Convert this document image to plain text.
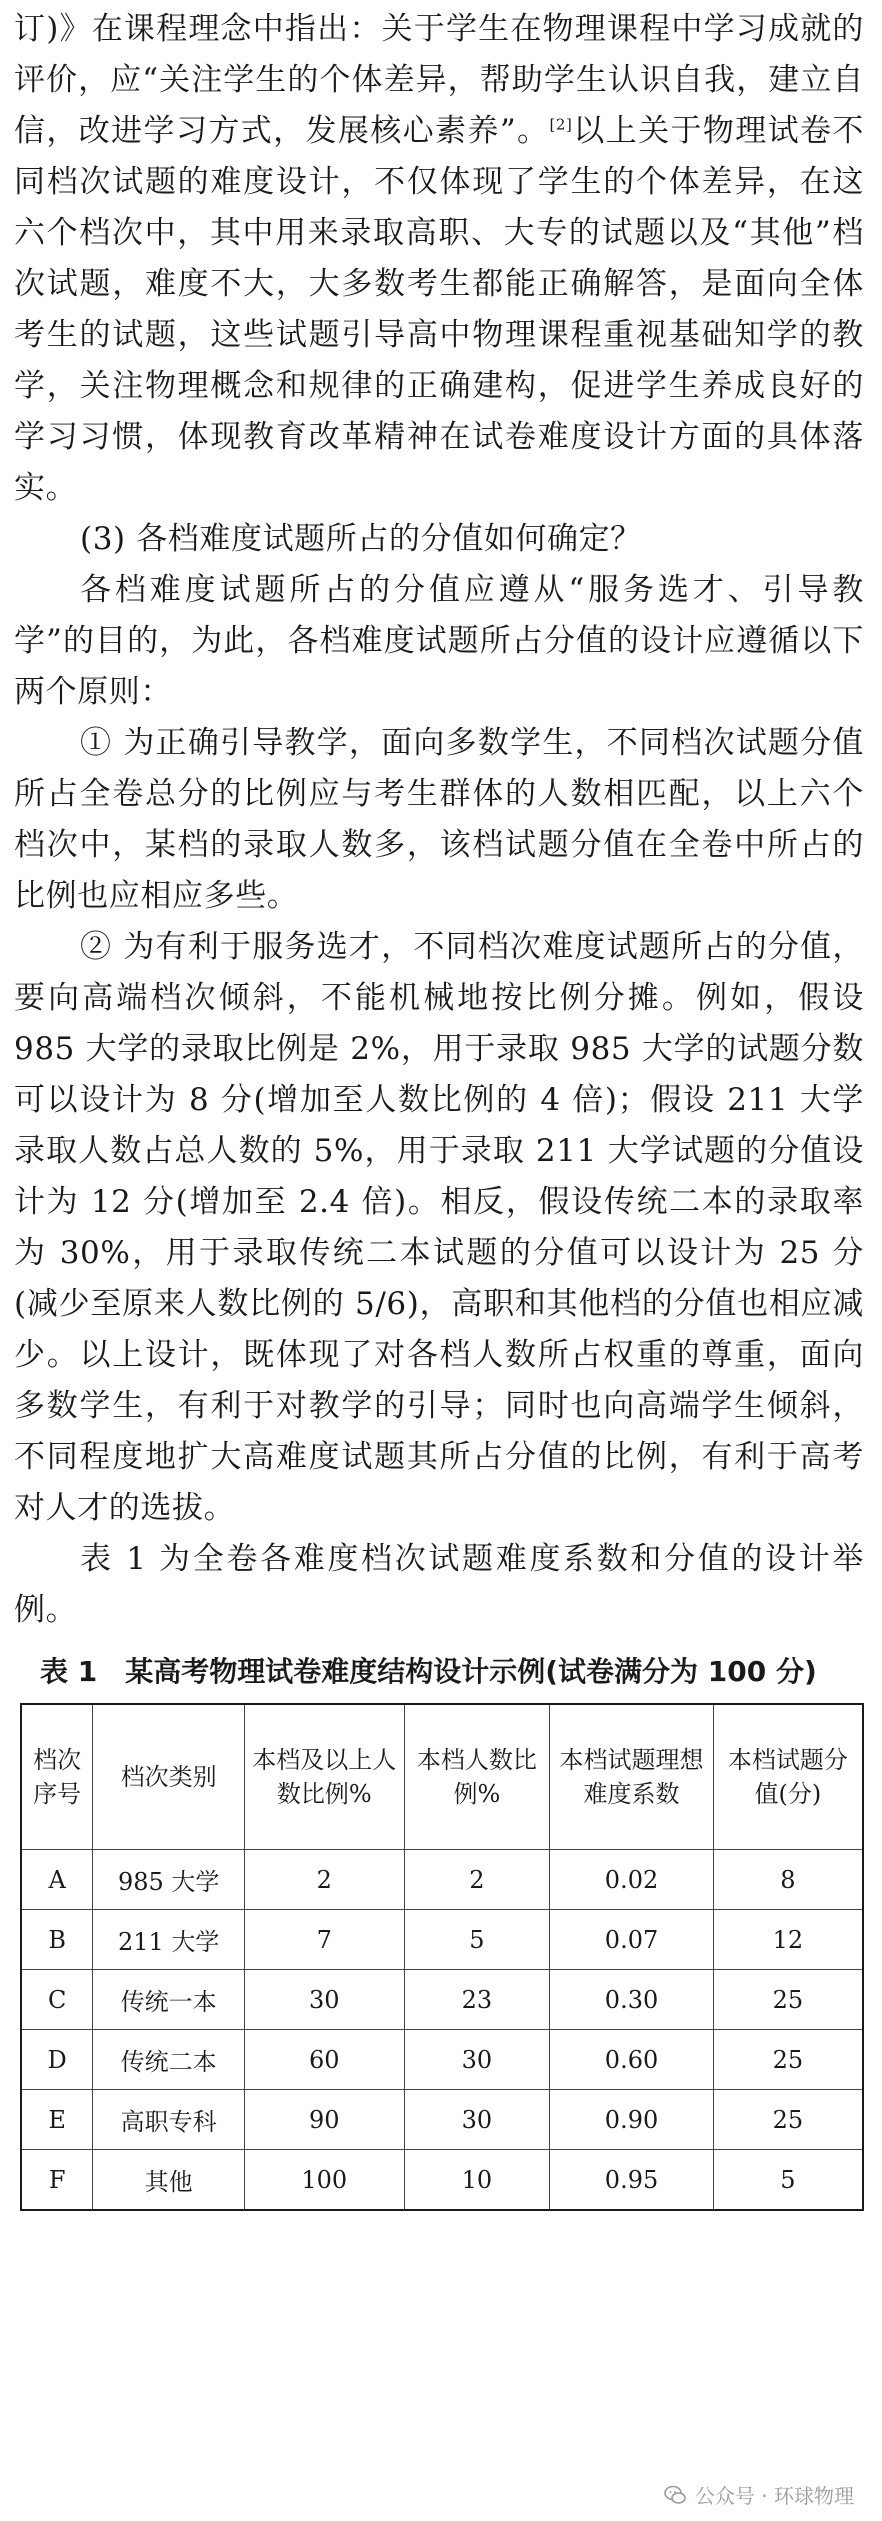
订)》在课程理念中指出：关于学生在物理课程中学习成就的评价，应“关注学生的个体差异，帮助学生认识自我，建立自信，改进学习方式，发展核心素养”。[2]以上关于物理试卷不同档次试题的难度设计，不仅体现了学生的个体差异，在这六个档次中，其中用来录取高职、大专的试题以及“其他”档次试题，难度不大，大多数考生都能正确解答，是面向全体考生的试题，这些试题引导高中物理课程重视基础知学的教学，关注物理概念和规律的正确建构，促进学生养成良好的学习习惯，体现教育改革精神在试卷难度设计方面的具体落实。

(3) 各档难度试题所占的分值如何确定？

各档难度试题所占的分值应遵从“服务选才、引导教学”的目的，为此，各档难度试题所占分值的设计应遵循以下两个原则：

① 为正确引导教学，面向多数学生，不同档次试题分值所占全卷总分的比例应与考生群体的人数相匹配，以上六个档次中，某档的录取人数多，该档试题分值在全卷中所占的比例也应相应多些。

② 为有利于服务选才，不同档次难度试题所占的分值，要向高端档次倾斜，不能机械地按比例分摊。例如，假设 985 大学的录取比例是 2%，用于录取 985 大学的试题分数可以设计为 8 分(增加至人数比例的 4 倍)；假设 211 大学录取人数占总人数的 5%，用于录取 211 大学试题的分值设计为 12 分(增加至 2.4 倍)。相反，假设传统二本的录取率为 30%，用于录取传统二本试题的分值可以设计为 25 分(减少至原来人数比例的 5/6)，高职和其他档的分值也相应减少。以上设计，既体现了对各档人数所占权重的尊重，面向多数学生，有利于对教学的引导；同时也向高端学生倾斜，不同程度地扩大高难度试题其所占分值的比例，有利于高考对人才的选拔。

表 1 为全卷各难度档次试题难度系数和分值的设计举例。

表 1 某高考物理试卷难度结构设计示例(试卷满分为 100 分)
档次序号	档次类别	本档及以上人数比例%	本档人数比例%	本档试题理想难度系数	本档试题分值(分)
A	985 大学	2	2	0.02	8
B	211 大学	7	5	0.07	12
C	传统一本	30	23	0.30	25
D	传统二本	60	30	0.60	25
E	高职专科	90	30	0.90	25
F	其他	100	10	0.95	5
公众号 · 环球物理
